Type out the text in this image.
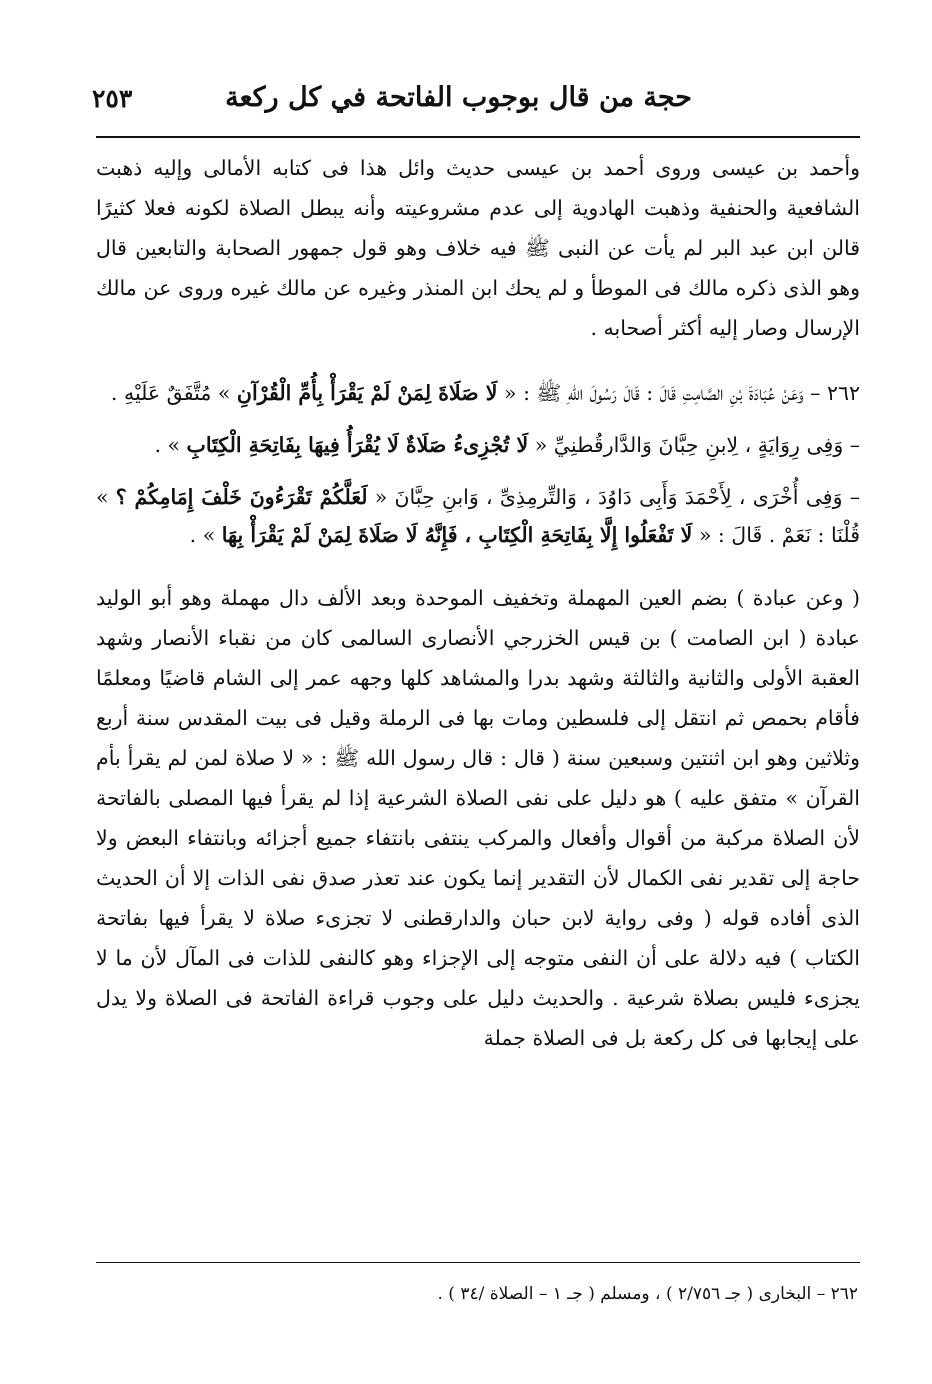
حجة من قال بوجوب الفاتحة في كل ركعة
٢٥٣

وأحمد بن عيسى وروى أحمد بن عيسى حديث وائل هذا فى كتابه الأمالى وإليه ذهبت الشافعية والحنفية وذهبت الهادوية إلى عدم مشروعيته وأنه يبطل الصلاة لكونه فعلا كثيرًا قالن ابن عبد البر لم يأت عن النبى ﷺ فيه خلاف وهو قول جمهور الصحابة والتابعين قال وهو الذى ذكره مالك فى الموطأ و لم يحك ابن المنذر وغيره عن مالك غيره وروى عن مالك الإرسال وصار إليه أكثر أصحابه .

٢٦٢ – وَعَنْ عُبَادَةَ بْنِ الصَّامِتِ قَالَ : قَالَ رَسُولَ اللهِ ﷺ : « لَا صَلَاةَ لِمَنْ لَمْ يَقْرَأْ بِأُمِّ الْقُرْآنِ » مُتَّفَقٌ عَلَيْهِ .

– وَفِى رِوَايَةٍ ، لِابنِ حِبَّانَ وَالدَّارقُطنِيِّ « لَا تُجْزِىءُ صَلَاةٌ لَا يُقْرَأُ فِيهَا بِفَاتِحَةِ الْكِتَابِ » .

– وَفِى أُخْرَى ، لِأَحْمَدَ وَأَبِى دَاوُدَ ، وَالتِّرمِذِىِّ ، وَابنِ حِبَّانَ « لَعَلَّكُمْ تَقْرَءُونَ خَلْفَ إِمَامِكُمْ ؟ » قُلْنَا : نَعَمْ . قَالَ : « لَا تَفْعَلُوا إِلَّا بِفَاتِحَةِ الْكِتَابِ ، فَإِنَّهُ لَا صَلَاةَ لِمَنْ لَمْ يَقْرَأْ بِهَا » .

( وعن عبادة ) بضم العين المهملة وتخفيف الموحدة وبعد الألف دال مهملة وهو أبو الوليد عبادة ( ابن الصامت ) بن قيس الخزرجي الأنصارى السالمى كان من نقباء الأنصار وشهد العقبة الأولى والثانية والثالثة وشهد بدرا والمشاهد كلها وجهه عمر إلى الشام قاضيًا ومعلمًا فأقام بحمص ثم انتقل إلى فلسطين ومات بها فى الرملة وقيل فى بيت المقدس سنة أربع وثلاثين وهو ابن اثنتين وسبعين سنة ( قال : قال رسول الله ﷺ : « لا صلاة لمن لم يقرأ بأم القرآن » متفق عليه ) هو دليل على نفى الصلاة الشرعية إذا لم يقرأ فيها المصلى بالفاتحة لأن الصلاة مركبة من أقوال وأفعال والمركب ينتفى بانتفاء جميع أجزائه وبانتفاء البعض ولا حاجة إلى تقدير نفى الكمال لأن التقدير إنما يكون عند تعذر صدق نفى الذات إلا أن الحديث الذى أفاده قوله ( وفى رواية لابن حبان والدارقطنى لا تجزىء صلاة لا يقرأ فيها بفاتحة الكتاب ) فيه دلالة على أن النفى متوجه إلى الإجزاء وهو كالنفى للذات فى المآل لأن ما لا يجزىء فليس بصلاة شرعية . والحديث دليل على وجوب قراءة الفاتحة فى الصلاة ولا يدل على إيجابها فى كل ركعة بل فى الصلاة جملة

٢٦٢ – البخارى ( جـ ٢/٧٥٦ ) ، ومسلم ( جـ ١ – الصلاة /٣٤ ) .
